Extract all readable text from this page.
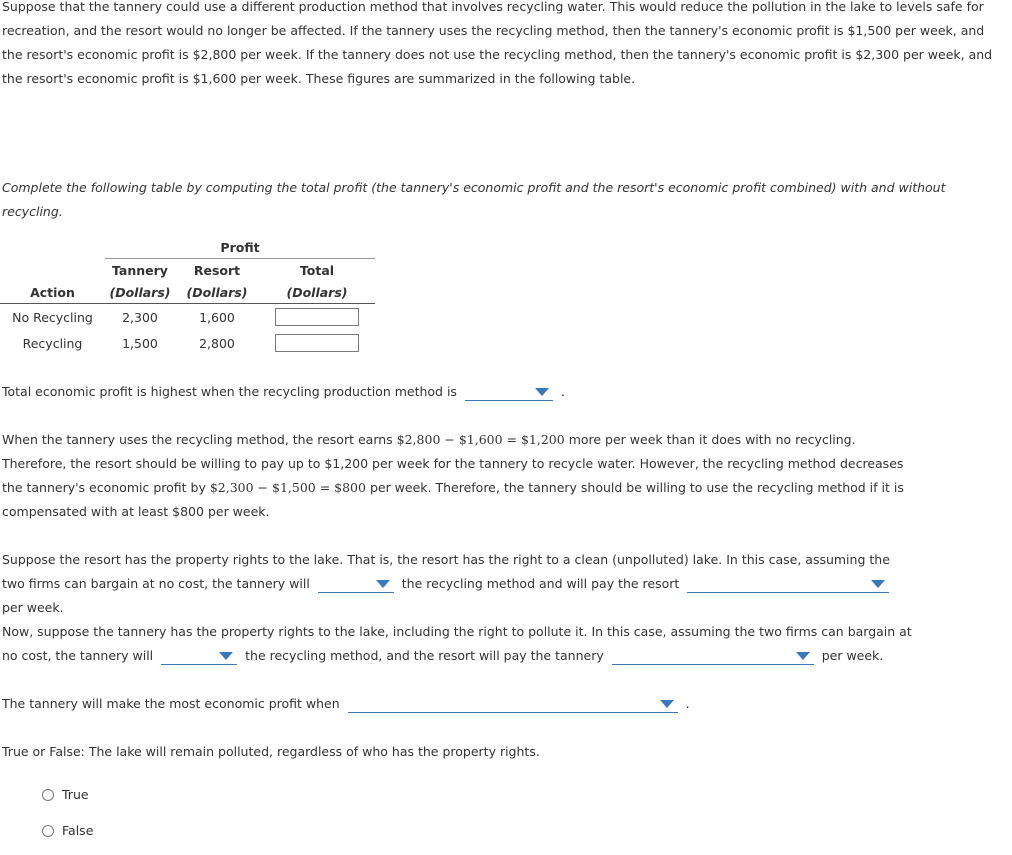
Suppose that the tannery could use a different production method that involves recycling water. This would reduce the pollution in the lake to levels safe for recreation, and the resort would no longer be affected. If the tannery uses the recycling method, then the tannery's economic profit is $1,500 per week, and the resort's economic profit is $2,800 per week. If the tannery does not use the recycling method, then the tannery's economic profit is $2,300 per week, and the resort's economic profit is $1,600 per week. These figures are summarized in the following table.

Complete the following table by computing the total profit (the tannery's economic profit and the resort's economic profit combined) with and without recycling.

	Profit		
	Tannery	Resort	Total
Action	(Dollars)	(Dollars)	(Dollars)
No Recycling	2,300	1,600	
Recycling	1,500	2,800	

Total economic profit is highest when the recycling production method is	.

When the tannery uses the recycling method, the resort earns $2,800 − $1,600 = $1,200 more per week than it does with no recycling. Therefore, the resort should be willing to pay up to $1,200 per week for the tannery to recycle water. However, the recycling method decreases the tannery's economic profit by $2,300 − $1,500 = $800 per week. Therefore, the tannery should be willing to use the recycling method if it is compensated with at least $800 per week.

Suppose the resort has the property rights to the lake. That is, the resort has the right to a clean (unpolluted) lake. In this case, assuming the two firms can bargain at no cost, the tannery will	the recycling method and will pay the resort
per week.

Now, suppose the tannery has the property rights to the lake, including the right to pollute it. In this case, assuming the two firms can bargain at no cost, the tannery will	the recycling method, and the resort will pay the tannery	per week.

The tannery will make the most economic profit when	.

True or False: The lake will remain polluted, regardless of who has the property rights.

True
False
